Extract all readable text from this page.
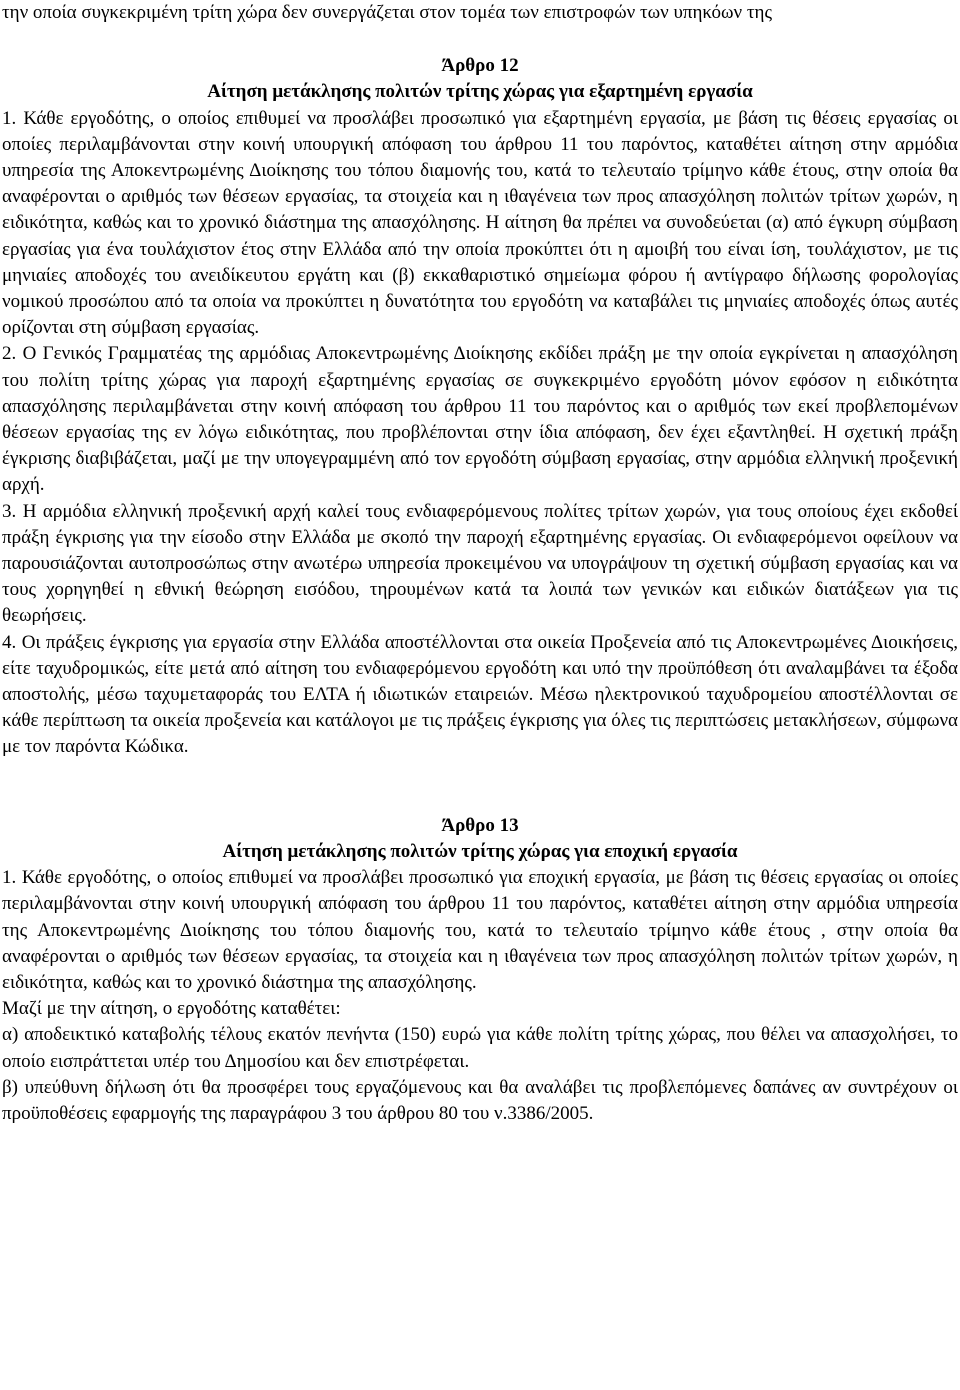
την οποία συγκεκριμένη τρίτη χώρα δεν συνεργάζεται στον τομέα των επιστροφών των υπηκόων της

Άρθρο 12
Αίτηση μετάκλησης πολιτών τρίτης χώρας για εξαρτημένη εργασία

1. Κάθε εργοδότης, ο οποίος επιθυμεί να προσλάβει προσωπικό για εξαρτημένη εργασία, με βάση τις θέσεις εργασίας οι οποίες περιλαμβάνονται στην κοινή υπουργική απόφαση του άρθρου 11 του παρόντος, καταθέτει αίτηση στην αρμόδια υπηρεσία της Αποκεντρωμένης Διοίκησης του τόπου διαμονής του, κατά το τελευταίο τρίμηνο κάθε έτους, στην οποία θα αναφέρονται ο αριθμός των θέσεων εργασίας, τα στοιχεία και η ιθαγένεια των προς απασχόληση πολιτών τρίτων χωρών, η ειδικότητα, καθώς και το χρονικό διάστημα της απασχόλησης. Η αίτηση θα πρέπει να συνοδεύεται (α) από έγκυρη σύμβαση εργασίας για ένα τουλάχιστον έτος στην Ελλάδα από την οποία προκύπτει ότι η αμοιβή του είναι ίση, τουλάχιστον, με τις μηνιαίες αποδοχές του ανειδίκευτου εργάτη και (β) εκκαθαριστικό σημείωμα φόρου ή αντίγραφο δήλωσης φορολογίας νομικού προσώπου από τα οποία να προκύπτει η δυνατότητα του εργοδότη να καταβάλει τις μηνιαίες αποδοχές όπως αυτές ορίζονται στη σύμβαση εργασίας.

2. Ο Γενικός Γραμματέας της αρμόδιας Αποκεντρωμένης Διοίκησης εκδίδει πράξη με την οποία εγκρίνεται η απασχόληση του πολίτη τρίτης χώρας για παροχή εξαρτημένης εργασίας σε συγκεκριμένο εργοδότη μόνον εφόσον η ειδικότητα απασχόλησης περιλαμβάνεται στην κοινή απόφαση του άρθρου 11 του παρόντος και ο αριθμός των εκεί προβλεπομένων θέσεων εργασίας της εν λόγω ειδικότητας, που προβλέπονται στην ίδια απόφαση, δεν έχει εξαντληθεί. Η σχετική πράξη έγκρισης διαβιβάζεται, μαζί με την υπογεγραμμένη από τον εργοδότη σύμβαση εργασίας, στην αρμόδια ελληνική προξενική αρχή.

3. Η αρμόδια ελληνική προξενική αρχή καλεί τους ενδιαφερόμενους πολίτες τρίτων χωρών, για τους οποίους έχει εκδοθεί πράξη έγκρισης για την είσοδο στην Ελλάδα με σκοπό την παροχή εξαρτημένης εργασίας. Οι ενδιαφερόμενοι οφείλουν να παρουσιάζονται αυτοπροσώπως στην ανωτέρω υπηρεσία προκειμένου να υπογράψουν τη σχετική σύμβαση εργασίας και να τους χορηγηθεί η εθνική θεώρηση εισόδου, τηρουμένων κατά τα λοιπά των γενικών και ειδικών διατάξεων για τις θεωρήσεις.

4. Οι πράξεις έγκρισης για εργασία στην Ελλάδα αποστέλλονται στα οικεία Προξενεία από τις Αποκεντρωμένες Διοικήσεις, είτε ταχυδρομικώς, είτε μετά από αίτηση του ενδιαφερόμενου εργοδότη και υπό την προϋπόθεση ότι αναλαμβάνει τα έξοδα αποστολής, μέσω ταχυμεταφοράς του ΕΛΤΑ ή ιδιωτικών εταιρειών. Μέσω ηλεκτρονικού ταχυδρομείου αποστέλλονται σε κάθε περίπτωση τα οικεία προξενεία και κατάλογοι με τις πράξεις έγκρισης για όλες τις περιπτώσεις μετακλήσεων, σύμφωνα με τον παρόντα Κώδικα.

Άρθρο 13
Αίτηση μετάκλησης πολιτών τρίτης χώρας για εποχική εργασία

1. Κάθε εργοδότης, ο οποίος επιθυμεί να προσλάβει προσωπικό για εποχική εργασία, με βάση τις θέσεις εργασίας οι οποίες περιλαμβάνονται στην κοινή υπουργική απόφαση του άρθρου 11 του παρόντος, καταθέτει αίτηση στην αρμόδια υπηρεσία της Αποκεντρωμένης Διοίκησης του τόπου διαμονής του, κατά το τελευταίο τρίμηνο κάθε έτους , στην οποία θα αναφέρονται ο αριθμός των θέσεων εργασίας, τα στοιχεία και η ιθαγένεια των προς απασχόληση πολιτών τρίτων χωρών, η ειδικότητα, καθώς και το χρονικό διάστημα της απασχόλησης.

Μαζί με την αίτηση, ο εργοδότης καταθέτει:

α) αποδεικτικό καταβολής τέλους εκατόν πενήντα (150) ευρώ για κάθε πολίτη τρίτης χώρας, που θέλει να απασχολήσει, το οποίο εισπράττεται υπέρ του Δημοσίου και δεν επιστρέφεται.

β) υπεύθυνη δήλωση ότι θα προσφέρει τους εργαζόμενους και θα αναλάβει τις προβλεπόμενες δαπάνες αν συντρέχουν οι προϋποθέσεις εφαρμογής της παραγράφου 3 του άρθρου 80 του ν.3386/2005.
